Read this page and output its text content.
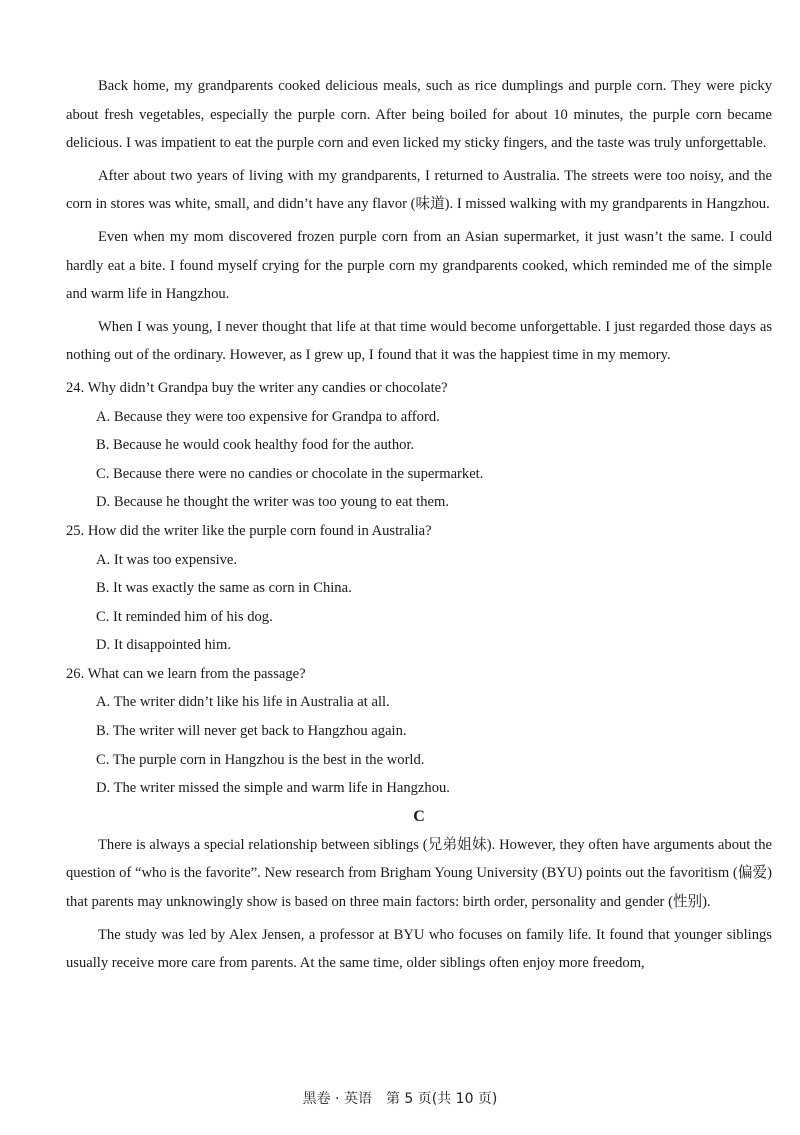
Back home, my grandparents cooked delicious meals, such as rice dumplings and purple corn. They were picky about fresh vegetables, especially the purple corn. After being boiled for about 10 minutes, the purple corn became delicious. I was impatient to eat the purple corn and even licked my sticky fingers, and the taste was truly unforgettable.

After about two years of living with my grandparents, I returned to Australia. The streets were too noisy, and the corn in stores was white, small, and didn’t have any flavor (味道). I missed walking with my grandparents in Hangzhou.

Even when my mom discovered frozen purple corn from an Asian supermarket, it just wasn’t the same. I could hardly eat a bite. I found myself crying for the purple corn my grandparents cooked, which reminded me of the simple and warm life in Hangzhou.

When I was young, I never thought that life at that time would become unforgettable. I just regarded those days as nothing out of the ordinary. However, as I grew up, I found that it was the happiest time in my memory.

24. Why didn’t Grandpa buy the writer any candies or chocolate?

A. Because they were too expensive for Grandpa to afford.

B. Because he would cook healthy food for the author.

C. Because there were no candies or chocolate in the supermarket.

D. Because he thought the writer was too young to eat them.

25. How did the writer like the purple corn found in Australia?

A. It was too expensive.

B. It was exactly the same as corn in China.

C. It reminded him of his dog.

D. It disappointed him.

26. What can we learn from the passage?

A. The writer didn’t like his life in Australia at all.

B. The writer will never get back to Hangzhou again.

C. The purple corn in Hangzhou is the best in the world.

D. The writer missed the simple and warm life in Hangzhou.

C

There is always a special relationship between siblings (兄弟姐妹). However, they often have arguments about the question of “who is the favorite”. New research from Brigham Young University (BYU) points out the favoritism (偏爱) that parents may unknowingly show is based on three main factors: birth order, personality and gender (性别).

The study was led by Alex Jensen, a professor at BYU who focuses on family life. It found that younger siblings usually receive more care from parents. At the same time, older siblings often enjoy more freedom,

黑卷 · 英语　第 5 页(共 10 页)
